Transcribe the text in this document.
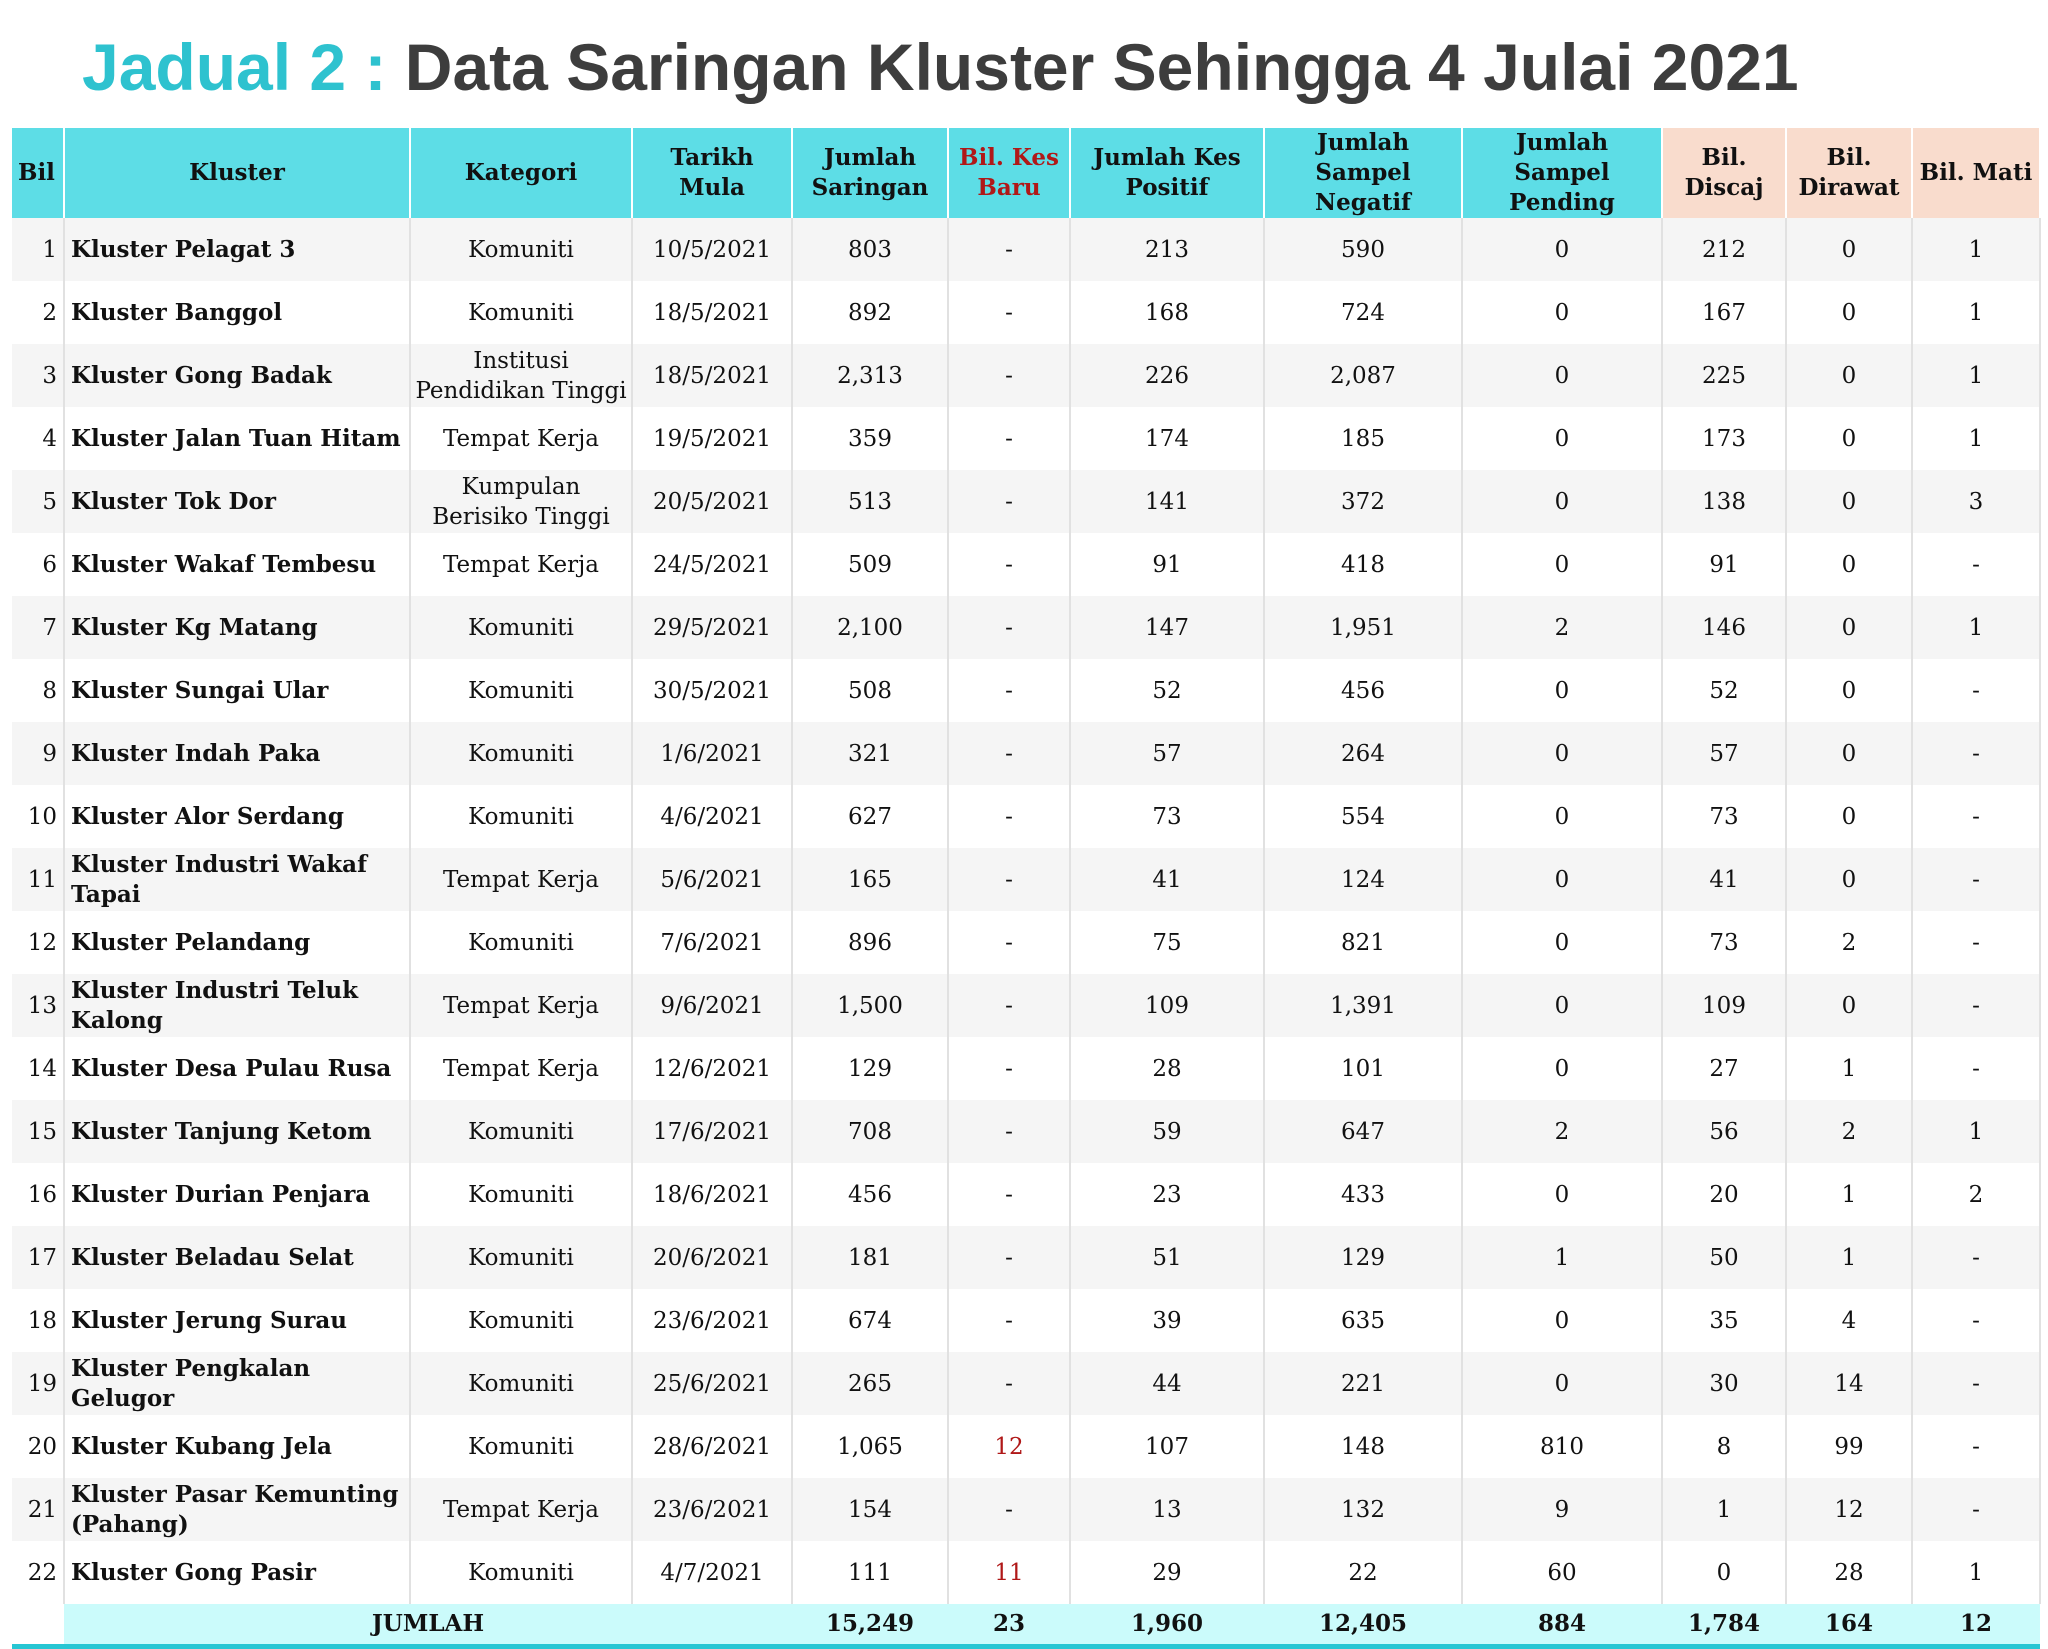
Jadual 2 : Data Saringan Kluster Sehingga 4 Julai 2021
Bil	Kluster	Kategori	Tarikh Mula	Jumlah Saringan	Bil. Kes Baru	Jumlah Kes Positif	Jumlah Sampel Negatif	Jumlah Sampel Pending	Bil. Discaj	Bil. Dirawat	Bil. Mati
1	Kluster Pelagat 3	Komuniti	10/5/2021	803	-	213	590	0	212	0	1
2	Kluster Banggol	Komuniti	18/5/2021	892	-	168	724	0	167	0	1
3	Kluster Gong Badak	Institusi Pendidikan Tinggi	18/5/2021	2,313	-	226	2,087	0	225	0	1
4	Kluster Jalan Tuan Hitam	Tempat Kerja	19/5/2021	359	-	174	185	0	173	0	1
5	Kluster Tok Dor	Kumpulan Berisiko Tinggi	20/5/2021	513	-	141	372	0	138	0	3
6	Kluster Wakaf Tembesu	Tempat Kerja	24/5/2021	509	-	91	418	0	91	0	-
7	Kluster Kg Matang	Komuniti	29/5/2021	2,100	-	147	1,951	2	146	0	1
8	Kluster Sungai Ular	Komuniti	30/5/2021	508	-	52	456	0	52	0	-
9	Kluster Indah Paka	Komuniti	1/6/2021	321	-	57	264	0	57	0	-
10	Kluster Alor Serdang	Komuniti	4/6/2021	627	-	73	554	0	73	0	-
11	Kluster Industri Wakaf Tapai	Tempat Kerja	5/6/2021	165	-	41	124	0	41	0	-
12	Kluster Pelandang	Komuniti	7/6/2021	896	-	75	821	0	73	2	-
13	Kluster Industri Teluk Kalong	Tempat Kerja	9/6/2021	1,500	-	109	1,391	0	109	0	-
14	Kluster Desa Pulau Rusa	Tempat Kerja	12/6/2021	129	-	28	101	0	27	1	-
15	Kluster Tanjung Ketom	Komuniti	17/6/2021	708	-	59	647	2	56	2	1
16	Kluster Durian Penjara	Komuniti	18/6/2021	456	-	23	433	0	20	1	2
17	Kluster Beladau Selat	Komuniti	20/6/2021	181	-	51	129	1	50	1	-
18	Kluster Jerung Surau	Komuniti	23/6/2021	674	-	39	635	0	35	4	-
19	Kluster Pengkalan Gelugor	Komuniti	25/6/2021	265	-	44	221	0	30	14	-
20	Kluster Kubang Jela	Komuniti	28/6/2021	1,065	12	107	148	810	8	99	-
21	Kluster Pasar Kemunting (Pahang)	Tempat Kerja	23/6/2021	154	-	13	132	9	1	12	-
22	Kluster Gong Pasir	Komuniti	4/7/2021	111	11	29	22	60	0	28	1
	JUMLAH			15,249	23	1,960	12,405	884	1,784	164	12
